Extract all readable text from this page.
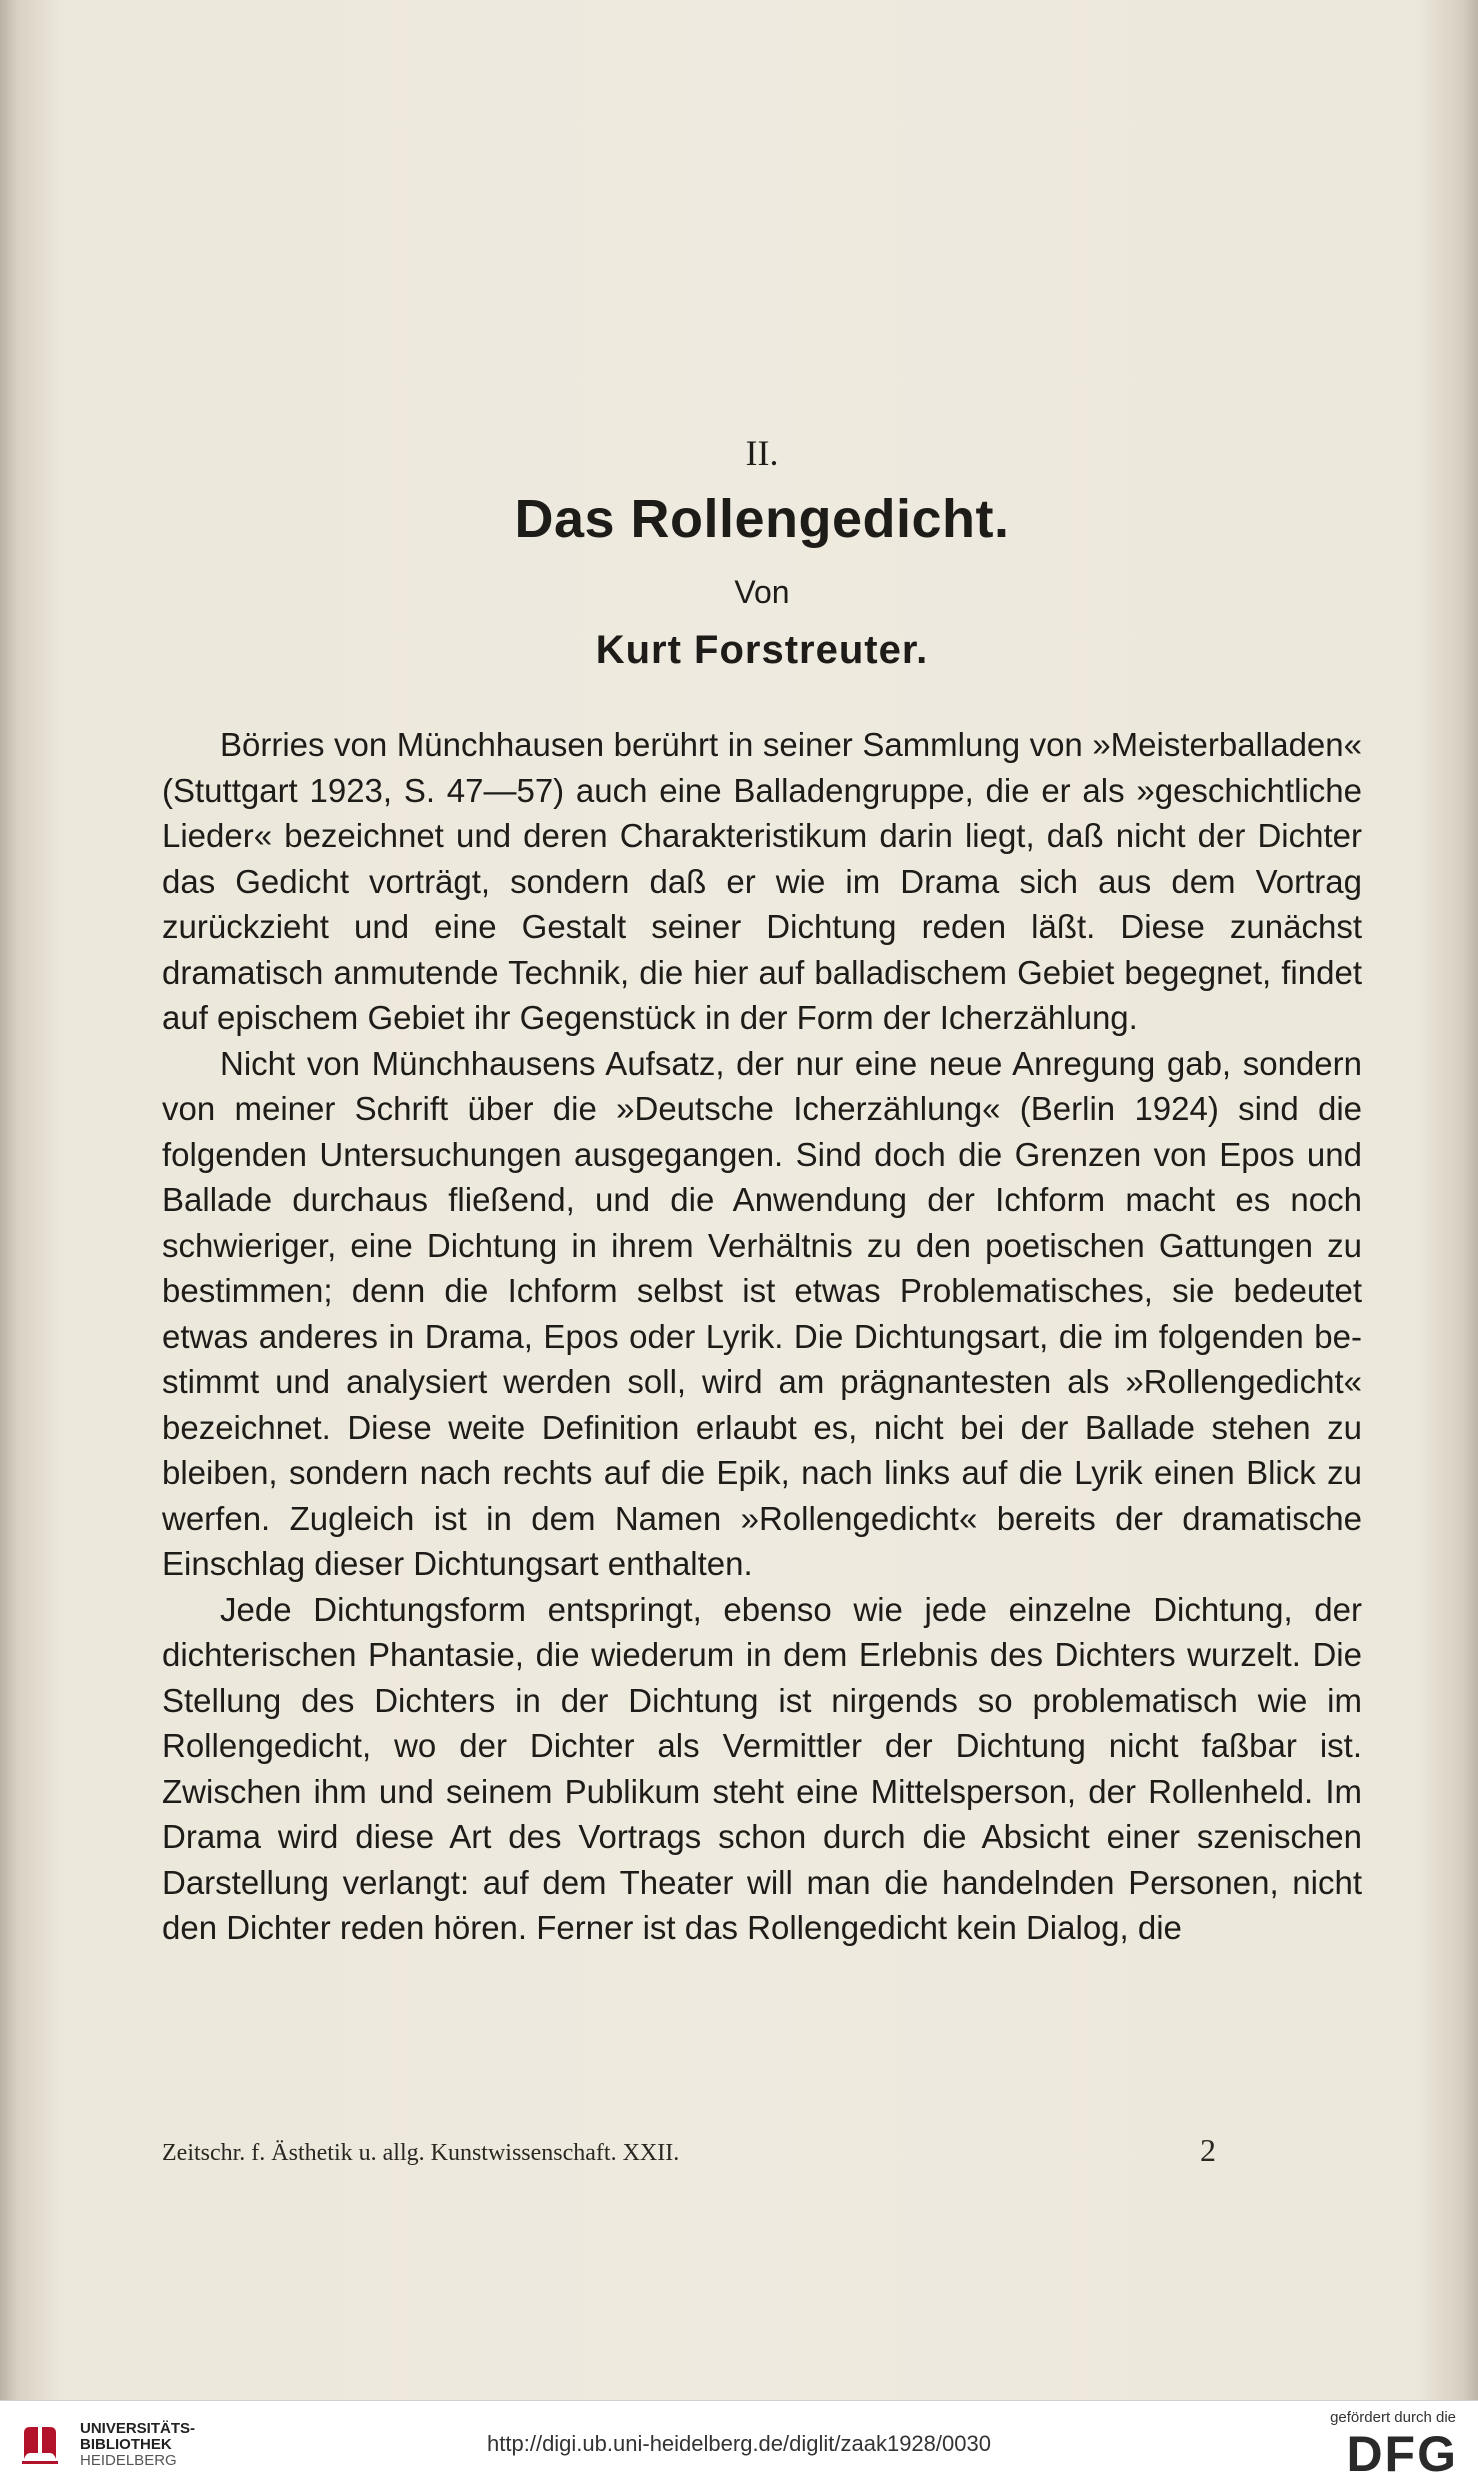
II.
Das Rollengedicht.
Von
Kurt Forstreuter.

Börries von Münchhausen berührt in seiner Sammlung von »Meisterballaden« (Stuttgart 1923, S. 47—57) auch eine Balladengruppe, die er als »geschichtliche Lieder« bezeichnet und deren Charakteristikum darin liegt, daß nicht der Dichter das Gedicht vorträgt, sondern daß er wie im Drama sich aus dem Vortrag zurückzieht und eine Gestalt seiner Dichtung reden läßt. Diese zunächst dramatisch anmutende Technik, die hier auf balladischem Gebiet begegnet, findet auf epischem Gebiet ihr Gegenstück in der Form der Icherzählung.

Nicht von Münchhausens Aufsatz, der nur eine neue Anregung gab, sondern von meiner Schrift über die »Deutsche Icherzählung« (Berlin 1924) sind die folgenden Untersuchungen ausgegangen. Sind doch die Grenzen von Epos und Ballade durchaus fließend, und die Anwendung der Ichform macht es noch schwieriger, eine Dichtung in ihrem Verhältnis zu den poetischen Gattungen zu bestimmen; denn die Ichform selbst ist etwas Problematisches, sie bedeutet etwas anderes in Drama, Epos oder Lyrik. Die Dichtungsart, die im folgenden bestimmt und analysiert werden soll, wird am prägnantesten als »Rollengedicht« bezeichnet. Diese weite Definition erlaubt es, nicht bei der Ballade stehen zu bleiben, sondern nach rechts auf die Epik, nach links auf die Lyrik einen Blick zu werfen. Zugleich ist in dem Namen »Rollengedicht« bereits der dramatische Einschlag dieser Dichtungsart enthalten.

Jede Dichtungsform entspringt, ebenso wie jede einzelne Dichtung, der dichterischen Phantasie, die wiederum in dem Erlebnis des Dichters wurzelt. Die Stellung des Dichters in der Dichtung ist nirgends so problematisch wie im Rollengedicht, wo der Dichter als Vermittler der Dichtung nicht faßbar ist. Zwischen ihm und seinem Publikum steht eine Mittelsperson, der Rollenheld. Im Drama wird diese Art des Vortrags schon durch die Absicht einer szenischen Darstellung verlangt: auf dem Theater will man die handelnden Personen, nicht den Dichter reden hören. Ferner ist das Rollengedicht kein Dialog, die

Zeitschr. f. Ästhetik u. allg. Kunstwissenschaft. XXII.	2
UNIVERSITÄTS-
BIBLIOTHEK
HEIDELBERG
http://digi.ub.uni-heidelberg.de/diglit/zaak1928/0030
gefördert durch die
DFG
